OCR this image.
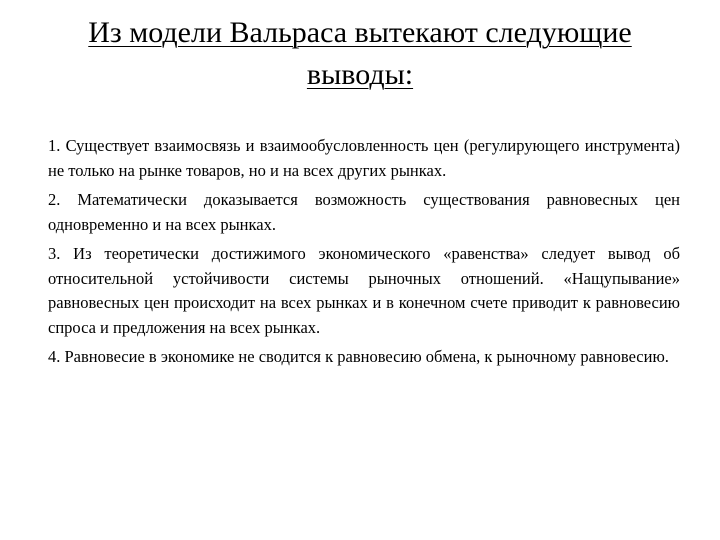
Из модели Вальраса вытекают следующие
выводы:

1. Существует взаимосвязь и взаимообусловленность цен (регулирующего инструмента) не только на рынке товаров, но и на всех других рынках.

2. Математически доказывается возможность существования равновесных цен одновременно и на всех рынках.

3. Из теоретически достижимого экономического «равенства» следует вывод об относительной устойчивости системы рыночных отношений. «Нащупывание» равновесных цен происходит на всех рынках и в конечном счете приводит к равновесию спроса и предложения на всех рынках.

4. Равновесие в экономике не сводится к равновесию обмена, к рыночному равновесию.
